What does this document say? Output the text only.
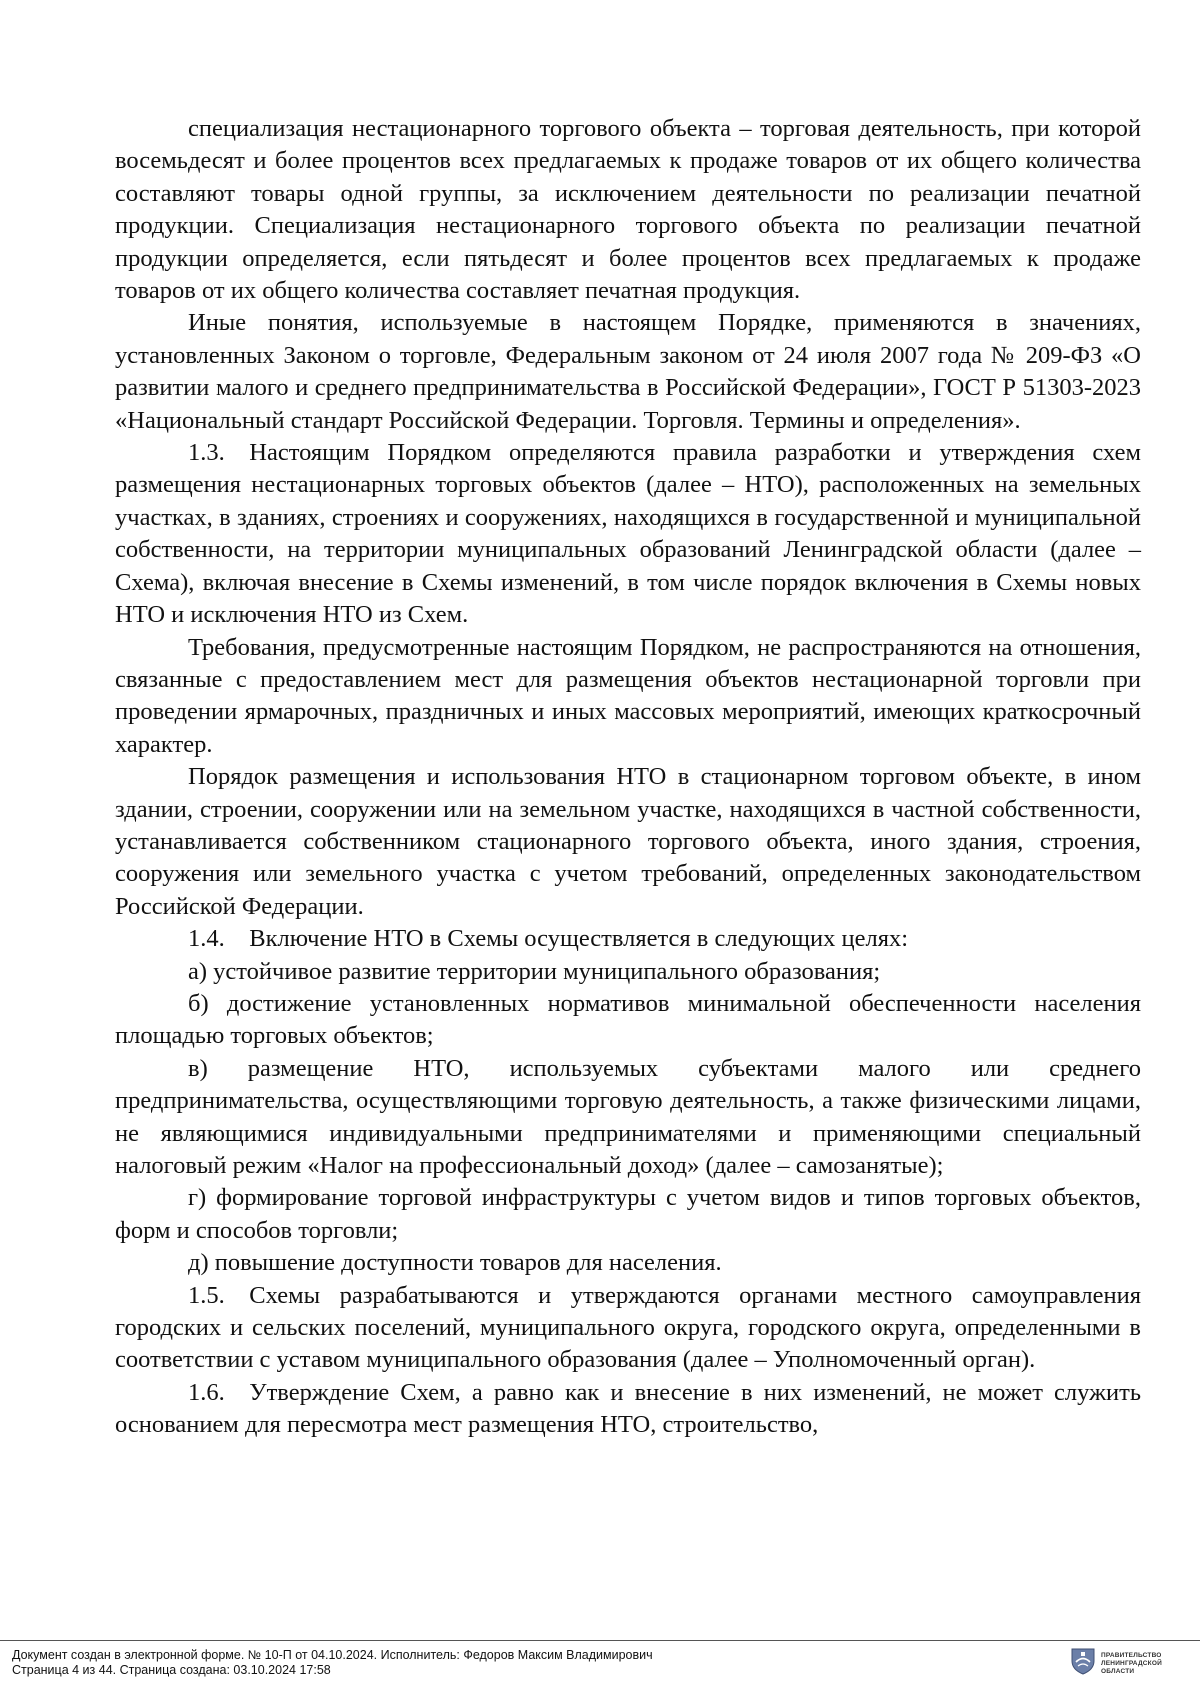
специализация нестационарного торгового объекта – торговая деятельность, при которой восемьдесят и более процентов всех предлагаемых к продаже товаров от их общего количества составляют товары одной группы, за исключением деятельности по реализации печатной продукции. Специализация нестационарного торгового объекта по реализации печатной продукции определяется, если пятьдесят и более процентов всех предлагаемых к продаже товаров от их общего количества составляет печатная продукция.

Иные понятия, используемые в настоящем Порядке, применяются в значениях, установленных Законом о торговле, Федеральным законом от 24 июля 2007 года № 209-ФЗ «О развитии малого и среднего предпринимательства в Российской Федерации», ГОСТ Р 51303-2023 «Национальный стандарт Российской Федерации. Торговля. Термины и определения».

1.3. Настоящим Порядком определяются правила разработки и утверждения схем размещения нестационарных торговых объектов (далее – НТО), расположенных на земельных участках, в зданиях, строениях и сооружениях, находящихся в государственной и муниципальной собственности, на территории муниципальных образований Ленинградской области (далее – Схема), включая внесение в Схемы изменений, в том числе порядок включения в Схемы новых НТО и исключения НТО из Схем.

Требования, предусмотренные настоящим Порядком, не распространяются на отношения, связанные с предоставлением мест для размещения объектов нестационарной торговли при проведении ярмарочных, праздничных и иных массовых мероприятий, имеющих краткосрочный характер.

Порядок размещения и использования НТО в стационарном торговом объекте, в ином здании, строении, сооружении или на земельном участке, находящихся в частной собственности, устанавливается собственником стационарного торгового объекта, иного здания, строения, сооружения или земельного участка с учетом требований, определенных законодательством Российской Федерации.

1.4. Включение НТО в Схемы осуществляется в следующих целях:

а) устойчивое развитие территории муниципального образования;

б) достижение установленных нормативов минимальной обеспеченности населения площадью торговых объектов;

в) размещение НТО, используемых субъектами малого или среднего предпринимательства, осуществляющими торговую деятельность, а также физическими лицами, не являющимися индивидуальными предпринимателями и применяющими специальный налоговый режим «Налог на профессиональный доход» (далее – самозанятые);

г) формирование торговой инфраструктуры с учетом видов и типов торговых объектов, форм и способов торговли;

д) повышение доступности товаров для населения.

1.5. Схемы разрабатываются и утверждаются органами местного самоуправления городских и сельских поселений, муниципального округа, городского округа, определенными в соответствии с уставом муниципального образования (далее – Уполномоченный орган).

1.6. Утверждение Схем, а равно как и внесение в них изменений, не может служить основанием для пересмотра мест размещения НТО, строительство,

Документ создан в электронной форме. № 10-П от 04.10.2024. Исполнитель: Федоров Максим Владимирович
Страница 4 из 44. Страница создана: 03.10.2024 17:58
ПРАВИТЕЛЬСТВО ЛЕНИНГРАДСКОЙ ОБЛАСТИ
